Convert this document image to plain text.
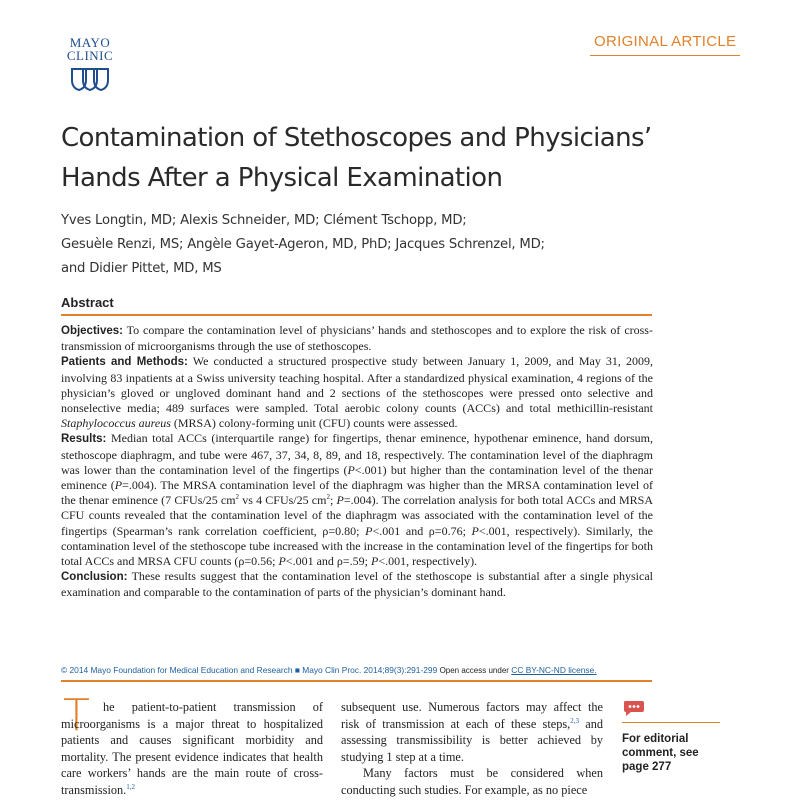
MAYO
CLINIC
ORIGINAL ARTICLE
Contamination of Stethoscopes and Physicians’
Hands After a Physical Examination
Yves Longtin, MD; Alexis Schneider, MD; Clément Tschopp, MD;
Gesuèle Renzi, MS; Angèle Gayet-Ageron, MD, PhD; Jacques Schrenzel, MD;
and Didier Pittet, MD, MS
Abstract

Objectives: To compare the contamination level of physicians’ hands and stethoscopes and to explore the risk of cross-transmission of microorganisms through the use of stethoscopes.

Patients and Methods: We conducted a structured prospective study between January 1, 2009, and May 31, 2009, involving 83 inpatients at a Swiss university teaching hospital. After a standardized physical examination, 4 regions of the physician’s gloved or ungloved dominant hand and 2 sections of the stethoscopes were pressed onto selective and nonselective media; 489 surfaces were sampled. Total aerobic colony counts (ACCs) and total methicillin-resistant Staphylococcus aureus (MRSA) colony-forming unit (CFU) counts were assessed.

Results: Median total ACCs (interquartile range) for fingertips, thenar eminence, hypothenar eminence, hand dorsum, stethoscope diaphragm, and tube were 467, 37, 34, 8, 89, and 18, respectively. The contamination level of the diaphragm was lower than the contamination level of the fingertips (P<.001) but higher than the contamination level of the thenar eminence (P=.004). The MRSA contamination level of the diaphragm was higher than the MRSA contamination level of the thenar eminence (7 CFUs/25 $cm^2$ vs 4 CFUs/25 $cm^2$; P=.004). The correlation analysis for both total ACCs and MRSA CFU counts revealed that the contamination level of the diaphragm was associated with the contamination level of the fingertips (Spearman’s rank correlation coefficient, ρ=0.80; P<.001 and ρ=0.76; P<.001, respectively). Similarly, the contamination level of the stethoscope tube increased with the increase in the contamination level of the fingertips for both total ACCs and MRSA CFU counts (ρ=0.56; P<.001 and ρ=.59; P<.001, respectively).

Conclusion: These results suggest that the contamination level of the stethoscope is substantial after a single physical examination and comparable to the contamination of parts of the physician’s dominant hand.

© 2014 Mayo Foundation for Medical Education and Research ■ Mayo Clin Proc. 2014;89(3):291-299 Open access under CC BY-NC-ND license.
T	he patient-to-patient transmission of microorganisms is a major threat to hospitalized patients and causes significant morbidity and mortality. The present evidence indicates that health care workers’ hands are the main route of cross-transmission.$^{1,2}$

subsequent use. Numerous factors may affect the risk of transmission at each of these steps,$^{2,3}$ and assessing transmissibility is better achieved by studying 1 step at a time.

Many factors must be considered when conducting such studies. For example, as no piece

For editorial
comment, see
page 277
